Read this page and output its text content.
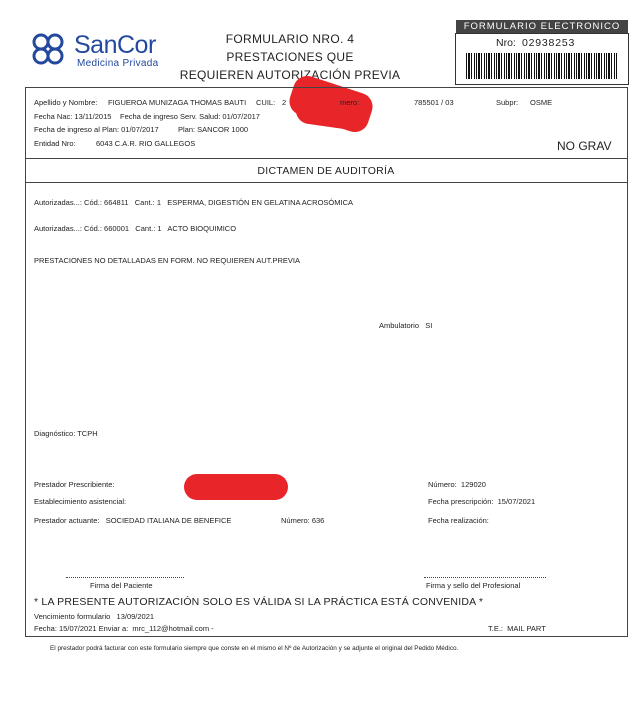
SanCor
Medicina Privada
FORMULARIO NRO. 4
PRESTACIONES QUE
REQUIEREN AUTORIZACIÓN PREVIA
FORMULARIO ELECTRONICO
Nro: 02938253
Apellido y Nombre: FIGUEROA MUNIZAGA THOMAS BAUTI CUIL: 2	mero:	785501 / 03	Subpr: OSME
Fecha Nac: 13/11/2015 Fecha de ingreso Serv. Salud: 01/07/2017
Fecha de ingreso al Plan: 01/07/2017	Plan: SANCOR 1000
Entidad Nro:	6043 C.A.R. RIO GALLEGOS	NO GRAV
DICTAMEN DE AUDITORÍA
Autorizadas...: Cód.: 664811   Cant.: 1   ESPERMA, DIGESTIÓN EN GELATINA ACROSÓMICA
Autorizadas...: Cód.: 660001   Cant.: 1   ACTO BIOQUIMICO
PRESTACIONES NO DETALLADAS EN FORM. NO REQUIEREN AUT.PREVIA
Ambulatorio   SI
Diagnóstico: TCPH
Prestador Prescribiente:
Establecimiento asistencial:
Prestador actuante:   SOCIEDAD ITALIANA DE BENEFICE	Número: 636
Número:  129020
Fecha prescripción:  15/07/2021
Fecha realización:
Firma del Paciente	Firma y sello del Profesional
* LA PRESENTE AUTORIZACIÓN SOLO ES VÁLIDA SI LA PRÁCTICA ESTÁ CONVENIDA *
Vencimiento formulario   13/09/2021
Fecha: 15/07/2021 Enviar a:  mrc_112@hotmail.com -	T.E.:  MAIL PART
El prestador podrá facturar con este formulario siempre que conste en el mismo el Nº de Autorización y se adjunte el original del Pedido Médico.
